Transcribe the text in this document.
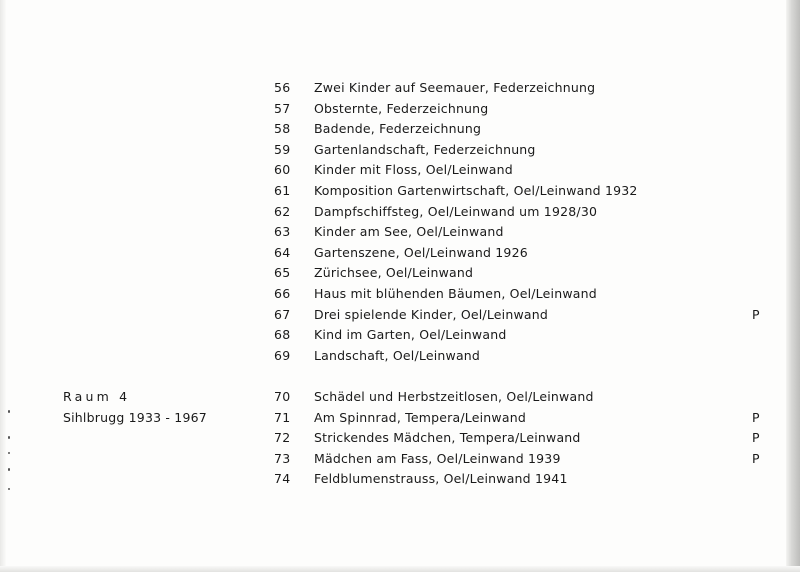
Raum 4
Sihlbrugg 1933 - 1967
56	Zwei Kinder auf Seemauer, Federzeichnung
57	Obsternte, Federzeichnung
58	Badende, Federzeichnung
59	Gartenlandschaft, Federzeichnung
60	Kinder mit Floss, Oel/Leinwand
61	Komposition Gartenwirtschaft, Oel/Leinwand 1932
62	Dampfschiffsteg, Oel/Leinwand um 1928/30
63	Kinder am See, Oel/Leinwand
64	Gartenszene, Oel/Leinwand 1926
65	Zürichsee, Oel/Leinwand
66	Haus mit blühenden Bäumen, Oel/Leinwand
67	Drei spielende Kinder, Oel/Leinwand	P
68	Kind im Garten, Oel/Leinwand
69	Landschaft, Oel/Leinwand
70	Schädel und Herbstzeitlosen, Oel/Leinwand
71	Am Spinnrad, Tempera/Leinwand	P
72	Strickendes Mädchen, Tempera/Leinwand	P
73	Mädchen am Fass, Oel/Leinwand 1939	P
74	Feldblumenstrauss, Oel/Leinwand 1941
